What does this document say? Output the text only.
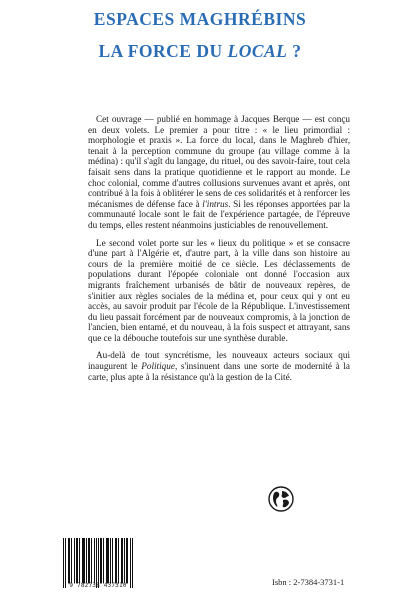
ESPACES MAGHRÉBINS
LA FORCE DU LOCAL ?

Cet ouvrage — publié en hommage à Jacques Berque — est conçu en deux volets. Le premier a pour titre : « le lieu primordial : morphologie et praxis ». La force du local, dans le Maghreb d'hier, tenait à la perception commune du groupe (au village comme à la médina) : qu'il s'agît du langage, du rituel, ou des savoir-faire, tout cela faisait sens dans la pratique quotidienne et le rapport au monde. Le choc colonial, comme d'autres collusions survenues avant et après, ont contribué à la fois à oblitérer le sens de ces solidarités et à renforcer les mécanismes de défense face à l'intrus. Si les réponses apportées par la communauté locale sont le fait de l'expérience partagée, de l'épreuve du temps, elles restent néanmoins justiciables de renouvellement.

Le second volet porte sur les « lieux du politique » et se consacre d'une part à l'Algérie et, d'autre part, à la ville dans son histoire au cours de la première moitié de ce siècle. Les déclassements de populations durant l'épopée coloniale ont donné l'occasion aux migrants fraîchement urbanisés de bâtir de nouveaux repères, de s'initier aux règles sociales de la médina et, pour ceux qui y ont eu accès, au savoir produit par l'école de la République. L'investissement du lieu passait forcément par de nouveaux compromis, à la jonction de l'ancien, bien entamé, et du nouveau, à la fois suspect et attrayant, sans que ce la débouche toutefois sur une synthèse durable.

Au-delà de tout syncrétisme, les nouveaux acteurs sociaux qui inaugurent le Politique, s'insinuent dans une sorte de modernité à la carte, plus apte à la résistance qu'à la gestion de la Cité.

9 782738 437310	Isbn : 2-7384-3731-1
